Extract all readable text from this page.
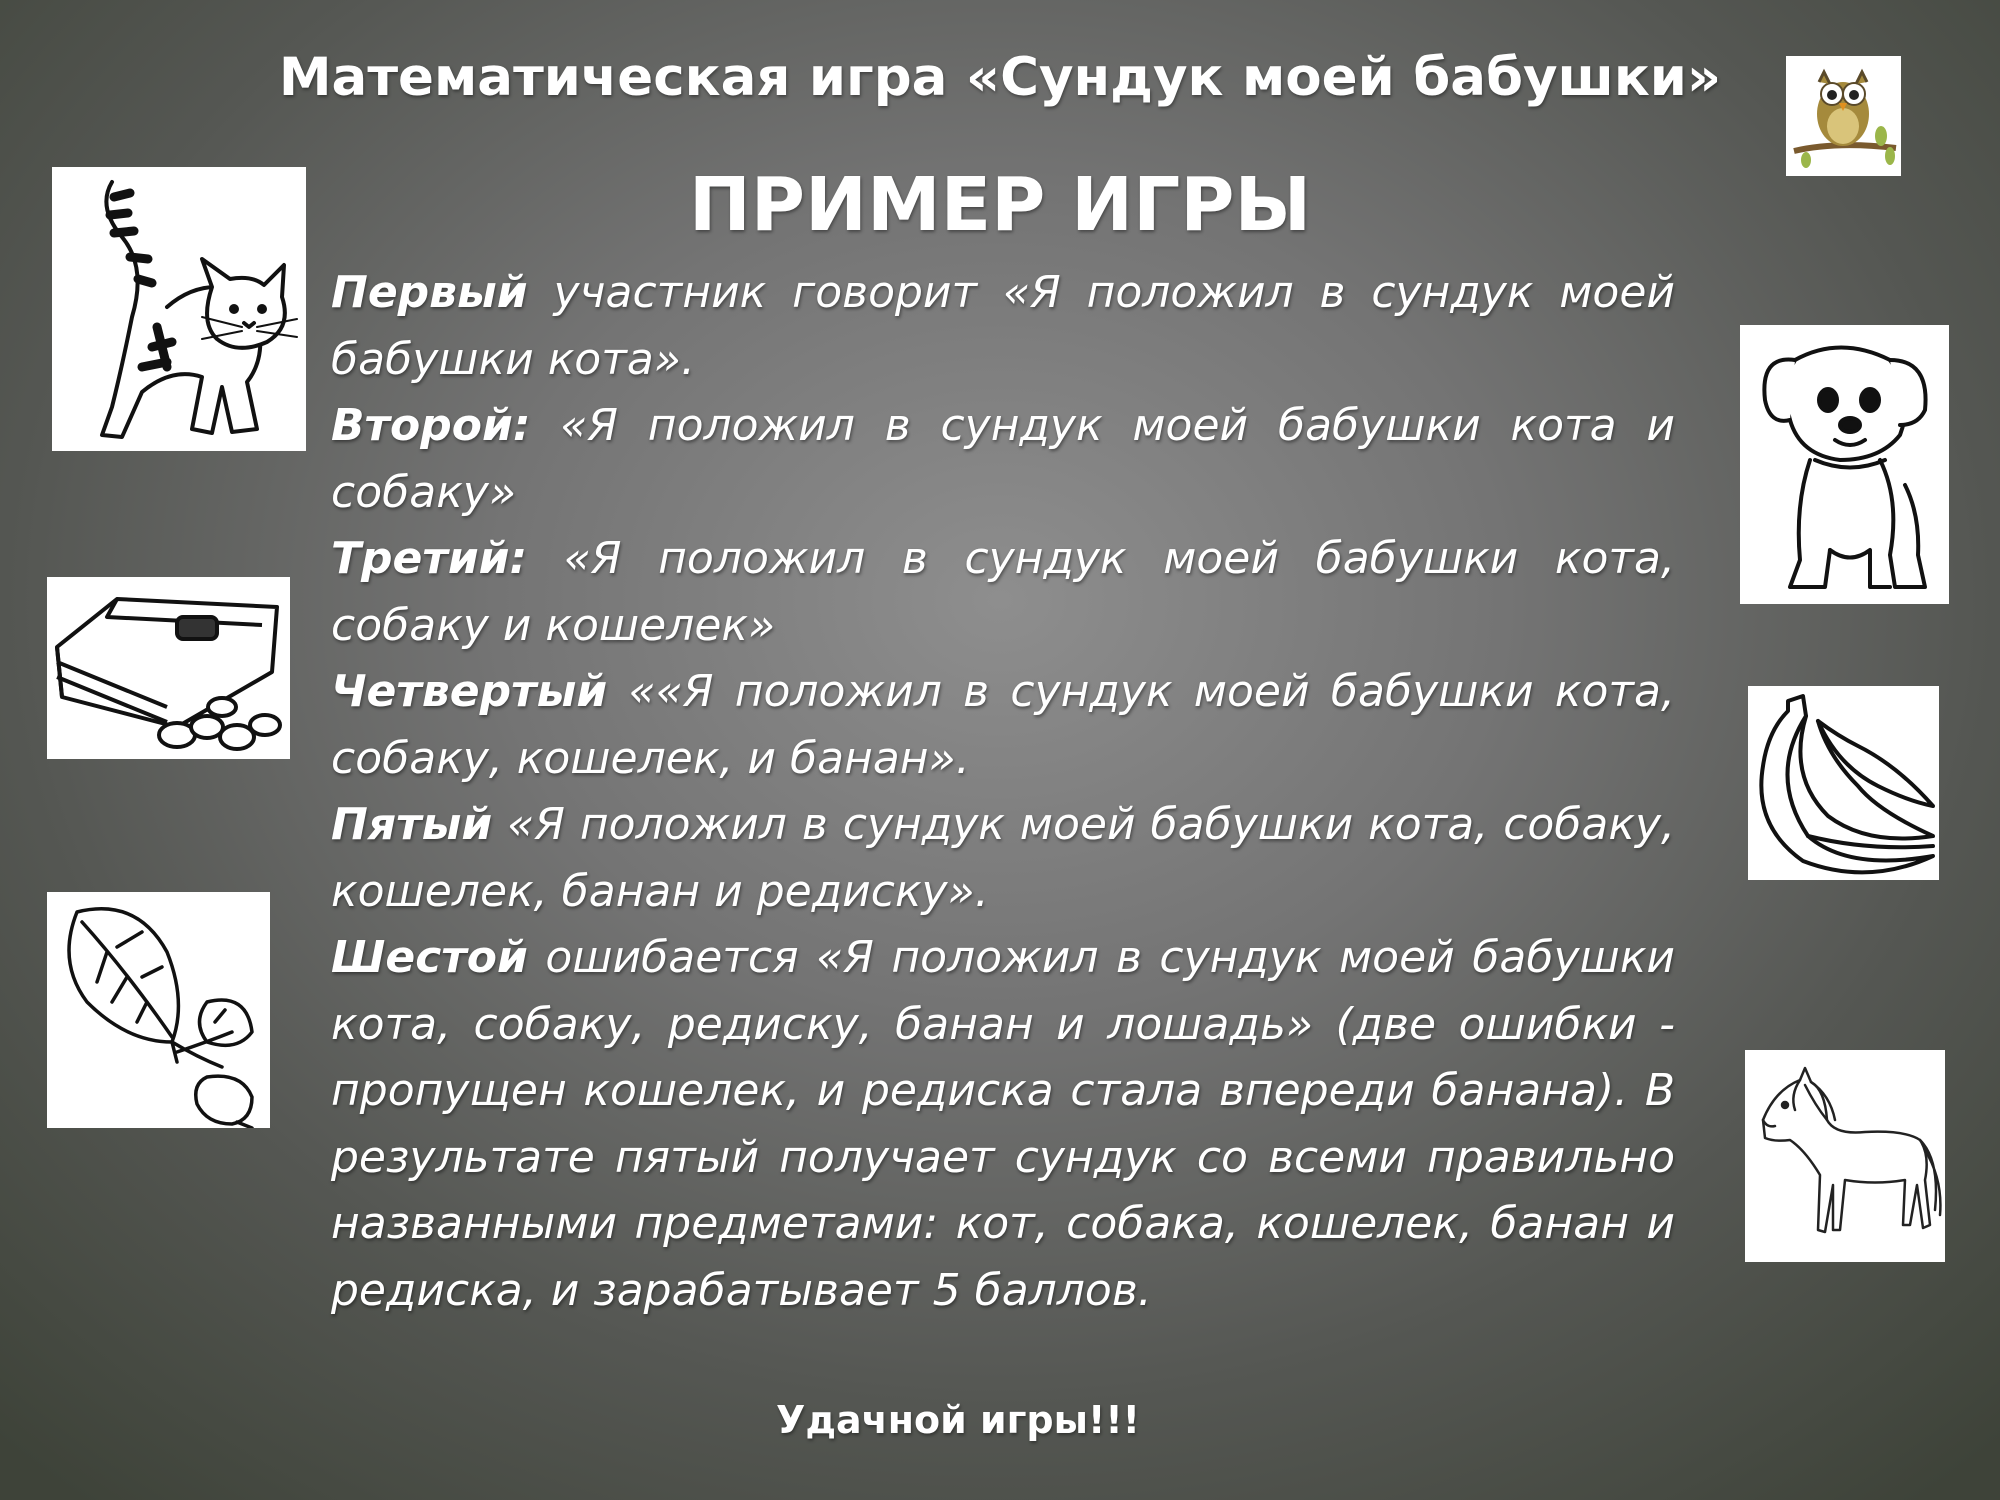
Математическая игра «Сундук моей бабушки»
ПРИМЕР ИГРЫ

Первый участник говорит «Я положил в сундук моей бабушки кота».

Второй: «Я положил в сундук моей бабушки кота и собаку»

Третий: «Я положил в сундук моей бабушки кота, собаку и кошелек»

Четвертый ««Я положил в сундук моей бабушки кота, собаку, кошелек, и банан».

Пятый «Я положил в сундук моей бабушки кота, собаку, кошелек, банан и редиску».

Шестой ошибается «Я положил в сундук моей бабушки кота, собаку, редиску, банан и лошадь» (две ошибки - пропущен кошелек, и редиска стала впереди банана). В результате пятый получает сундук со всеми правильно названными предметами: кот, собака, кошелек, банан и редиска, и зарабатывает 5 баллов.

Удачной игры!!!
